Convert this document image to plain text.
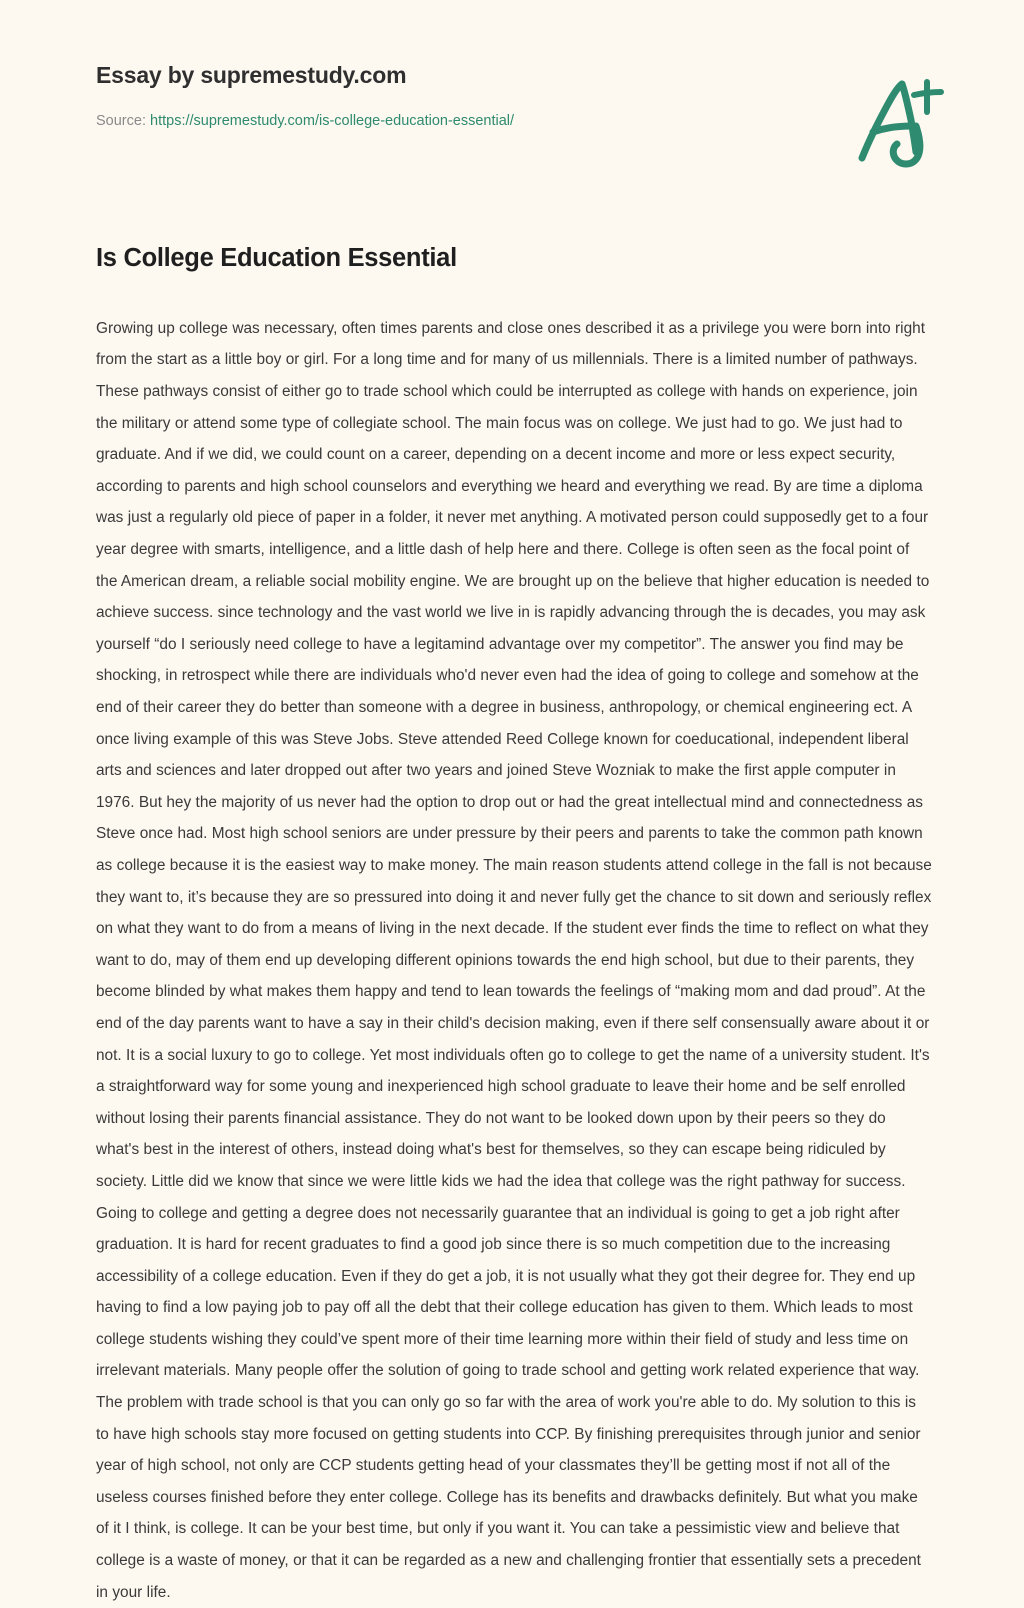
Essay by supremestudy.com
Source: https://supremestudy.com/is-college-education-essential/
Is College Education Essential

Growing up college was necessary, often times parents and close ones described it as a privilege you were born into right from the start as a little boy or girl. For a long time and for many of us millennials. There is a limited number of pathways. These pathways consist of either go to trade school which could be interrupted as college with hands on experience, join the military or attend some type of collegiate school. The main focus was on college. We just had to go. We just had to graduate. And if we did, we could count on a career, depending on a decent income and more or less expect security, according to parents and high school counselors and everything we heard and everything we read. By are time a diploma was just a regularly old piece of paper in a folder, it never met anything. A motivated person could supposedly get to a four year degree with smarts, intelligence, and a little dash of help here and there. College is often seen as the focal point of the American dream, a reliable social mobility engine. We are brought up on the believe that higher education is needed to achieve success. since technology and the vast world we live in is rapidly advancing through the is decades, you may ask yourself “do I seriously need college to have a legitamind advantage over my competitor”. The answer you find may be shocking, in retrospect while there are individuals who'd never even had the idea of going to college and somehow at the end of their career they do better than someone with a degree in business, anthropology, or chemical engineering ect. A once living example of this was Steve Jobs. Steve attended Reed College known for coeducational, independent liberal arts and sciences and later dropped out after two years and joined Steve Wozniak to make the first apple computer in 1976. But hey the majority of us never had the option to drop out or had the great intellectual mind and connectedness as Steve once had. Most high school seniors are under pressure by their peers and parents to take the common path known as college because it is the easiest way to make money. The main reason students attend college in the fall is not because they want to, it’s because they are so pressured into doing it and never fully get the chance to sit down and seriously reflex on what they want to do from a means of living in the next decade. If the student ever finds the time to reflect on what they want to do, may of them end up developing different opinions towards the end high school, but due to their parents, they become blinded by what makes them happy and tend to lean towards the feelings of “making mom and dad proud”. At the end of the day parents want to have a say in their child's decision making, even if there self consensually aware about it or not. It is a social luxury to go to college. Yet most individuals often go to college to get the name of a university student. It's a straightforward way for some young and inexperienced high school graduate to leave their home and be self enrolled without losing their parents financial assistance. They do not want to be looked down upon by their peers so they do what's best in the interest of others, instead doing what's best for themselves, so they can escape being ridiculed by society. Little did we know that since we were little kids we had the idea that college was the right pathway for success. Going to college and getting a degree does not necessarily guarantee that an individual is going to get a job right after graduation. It is hard for recent graduates to find a good job since there is so much competition due to the increasing accessibility of a college education. Even if they do get a job, it is not usually what they got their degree for. They end up having to find a low paying job to pay off all the debt that their college education has given to them. Which leads to most college students wishing they could’ve spent more of their time learning more within their field of study and less time on irrelevant materials. Many people offer the solution of going to trade school and getting work related experience that way. The problem with trade school is that you can only go so far with the area of work you're able to do. My solution to this is to have high schools stay more focused on getting students into CCP. By finishing prerequisites through junior and senior year of high school, not only are CCP students getting head of your classmates they’ll be getting most if not all of the useless courses finished before they enter college. College has its benefits and drawbacks definitely. But what you make of it I think, is college. It can be your best time, but only if you want it. You can take a pessimistic view and believe that college is a waste of money, or that it can be regarded as a new and challenging frontier that essentially sets a precedent in your life.
